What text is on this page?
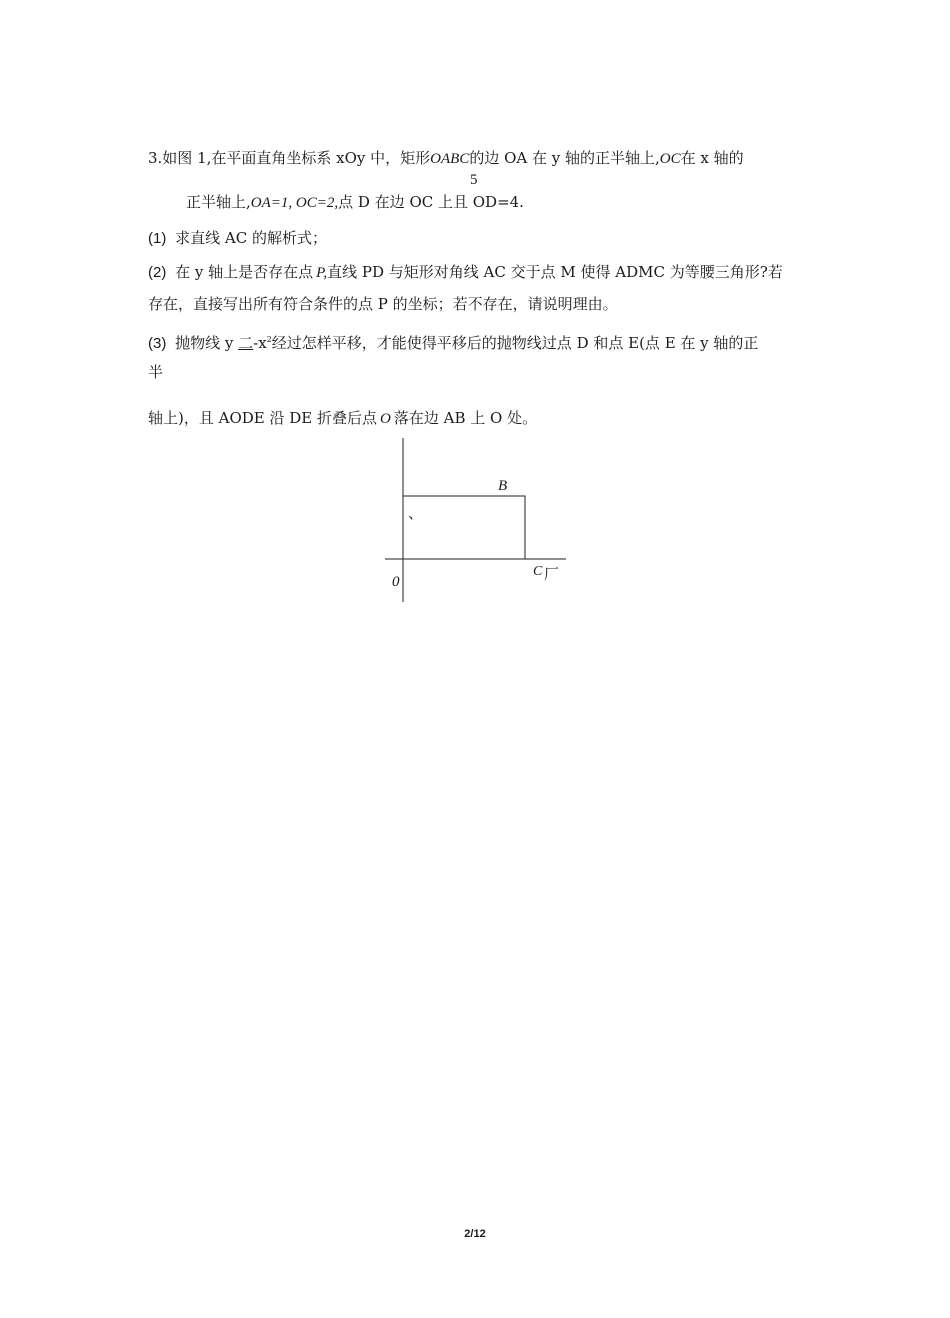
3.如图 1,在平面直角坐标系 xOy 中，矩形OABC的边 OA 在 y 轴的正半轴上,OC在 x 轴的
5
正半轴上,OA=1, OC=2,点 D 在边 OC 上且 OD=4.
(1) 求直线 AC 的解析式；
(2) 在 y 轴上是否存在点 P,直线 PD 与矩形对角线 AC 交于点 M 使得 ADMC 为等腰三角形?若
存在，直接写出所有符合条件的点 P 的坐标；若不存在，请说明理由。
(3) 抛物线 y 二$-x^2$经过怎样平移，才能使得平移后的抛物线过点 D 和点 E(点 E 在 y 轴的正
半
轴上)，且 AODE 沿 DE 折叠后点 O 落在边 AB 上 O 处。
B
、
0
C 厂
2/12
